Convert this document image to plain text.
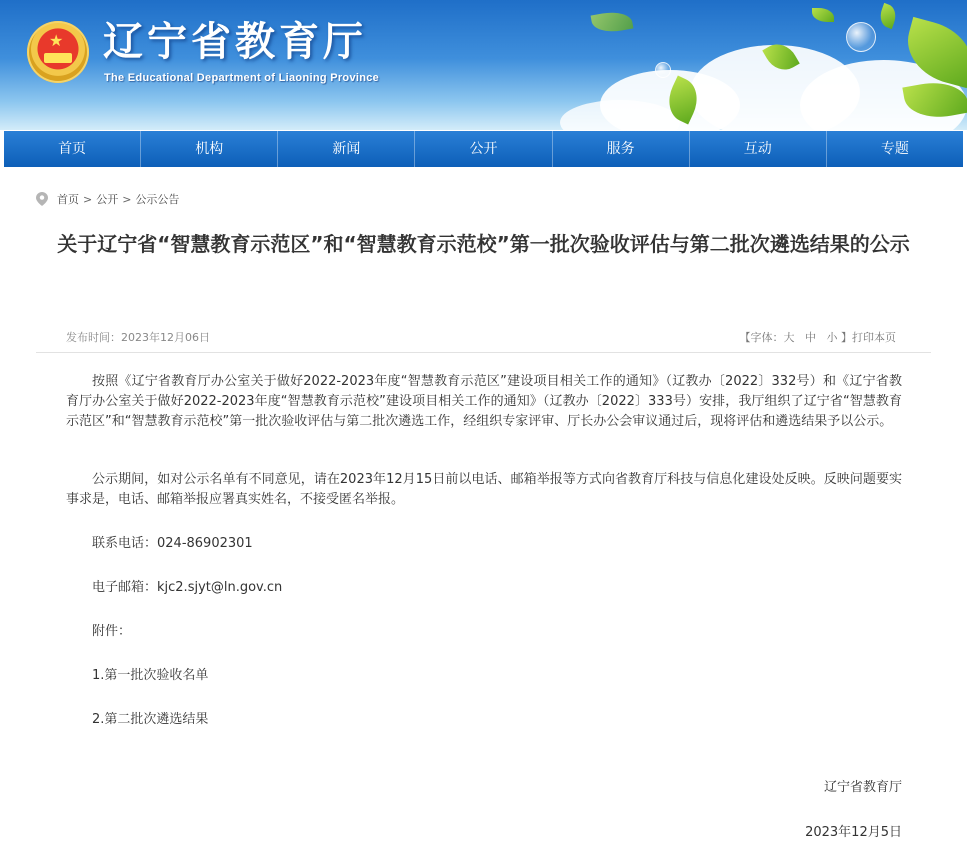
★ 辽宁省教育厅
The Educational Department of Liaoning Province
首页	机构	新闻	公开	服务	互动	专题
首页 > 公开 > 公示公告
关于辽宁省“智慧教育示范区”和“智慧教育示范校”第一批次验收评估与第二批次遴选结果的公示
发布时间：2023年12月06日	【字体： 大
中
小
】 打印本页

按照《辽宁省教育厅办公室关于做好2022-2023年度“智慧教育示范区”建设项目相关工作的通知》（辽教办〔2022〕332号）和《辽宁省教育厅办公室关于做好2022-2023年度“智慧教育示范校”建设项目相关工作的通知》（辽教办〔2022〕333号）安排，我厅组织了辽宁省“智慧教育示范区”和“智慧教育示范校”第一批次验收评估与第二批次遴选工作，经组织专家评审、厅长办公会审议通过后，现将评估和遴选结果予以公示。

公示期间，如对公示名单有不同意见，请在2023年12月15日前以电话、邮箱举报等方式向省教育厅科技与信息化建设处反映。反映问题要实事求是，电话、邮箱举报应署真实姓名，不接受匿名举报。

联系电话：024-86902301
电子邮箱：kjc2.sjyt@ln.gov.cn
附件：
1.第一批次验收名单
2.第二批次遴选结果
辽宁省教育厅
2023年12月5日
